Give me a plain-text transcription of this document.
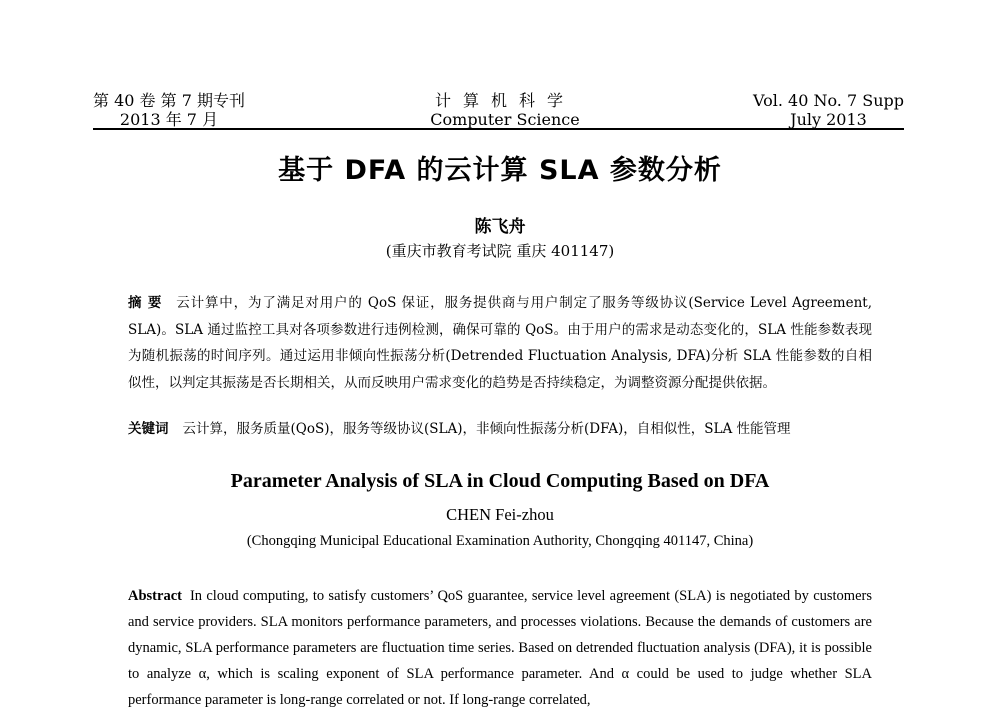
第 40 卷 第 7 期专刊
2013 年 7 月
计算机科学
Computer Science
Vol. 40 No. 7 Supp
July 2013
基于 DFA 的云计算 SLA 参数分析
陈飞舟
(重庆市教育考试院 重庆 401147)
摘 要 云计算中，为了满足对用户的 QoS 保证，服务提供商与用户制定了服务等级协议(Service Level Agreement, SLA)。SLA 通过监控工具对各项参数进行违例检测，确保可靠的 QoS。由于用户的需求是动态变化的，SLA 性能参数表现为随机振荡的时间序列。通过运用非倾向性振荡分析(Detrended Fluctuation Analysis, DFA)分析 SLA 性能参数的自相似性，以判定其振荡是否长期相关，从而反映用户需求变化的趋势是否持续稳定，为调整资源分配提供依据。
关键词 云计算，服务质量(QoS)，服务等级协议(SLA)，非倾向性振荡分析(DFA)，自相似性，SLA 性能管理
Parameter Analysis of SLA in Cloud Computing Based on DFA
CHEN Fei-zhou
(Chongqing Municipal Educational Examination Authority, Chongqing 401147, China)
Abstract In cloud computing, to satisfy customers’ QoS guarantee, service level agreement (SLA) is negotiated by customers and service providers. SLA monitors performance parameters, and processes violations. Because the demands of customers are dynamic, SLA performance parameters are fluctuation time series. Based on detrended fluctuation analysis (DFA), it is possible to analyze α, which is scaling exponent of SLA performance parameter. And α could be used to judge whether SLA performance parameter is long-range correlated or not. If long-range correlated,
